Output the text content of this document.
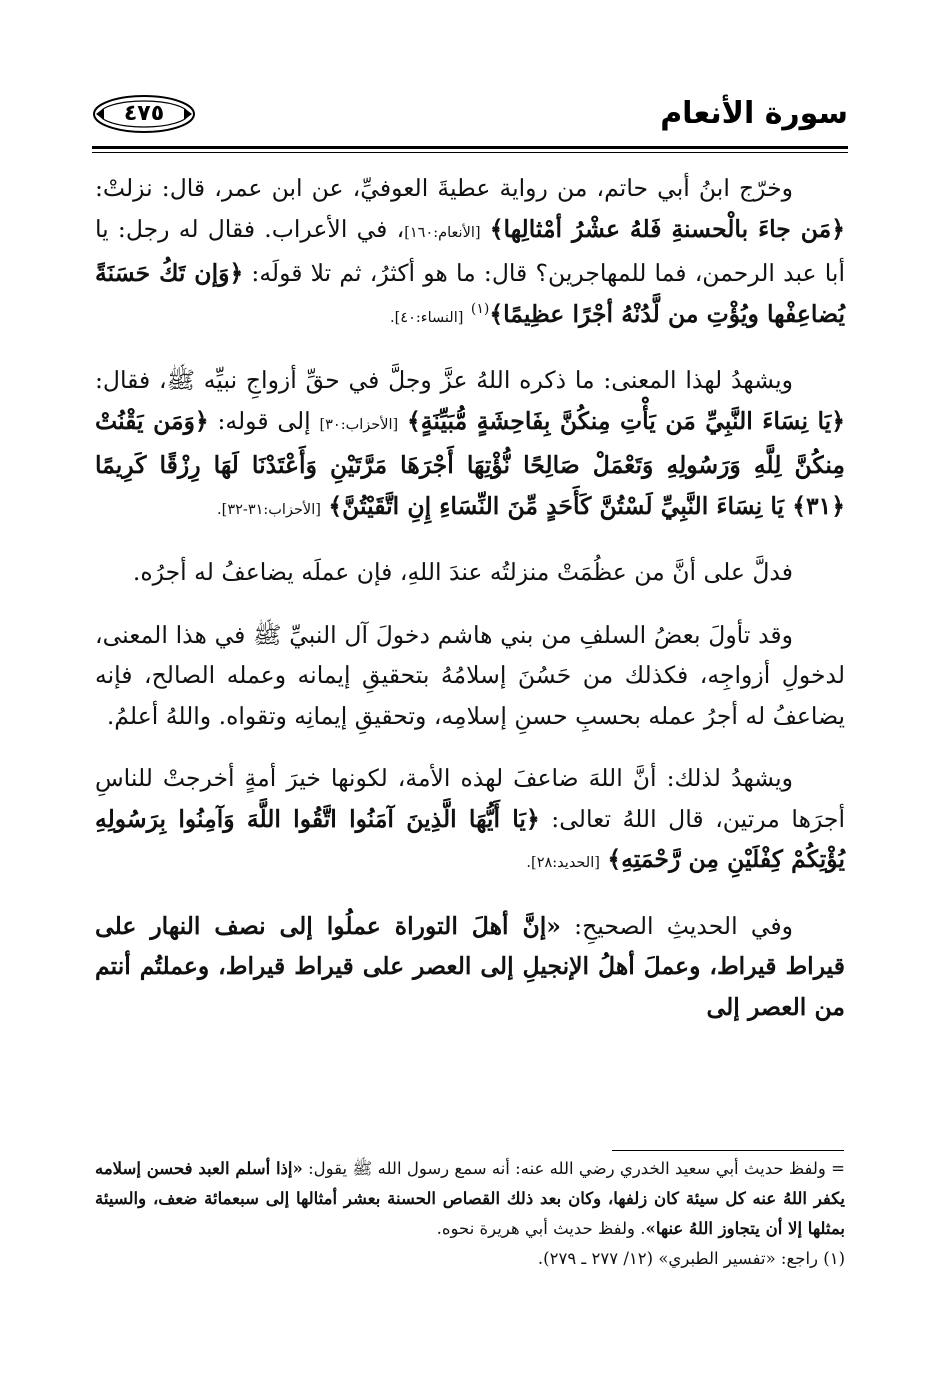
سورة الأنعام
٤٧٥

وخرّج ابنُ أبي حاتم، من رواية عطيةَ العوفيِّ، عن ابن عمر، قال: نزلتْ: ﴿مَن جاءَ بالْحسنةِ فَلهُ عشْرُ أمْثالِها﴾ [الأنعام:١٦٠]، في الأعراب. فقال له رجل: يا أبا عبد الرحمن، فما للمهاجرين؟ قال: ما هو أكثرُ، ثم تلا قولَه: ﴿وَإن تَكُ حَسَنَةً يُضاعِفْها ويُؤْتِ من لَّدُنْهُ أجْرًا عظِيمًا﴾$^{(١)}$ [النساء:٤٠].

ويشهدُ لهذا المعنى: ما ذكره اللهُ عزَّ وجلَّ في حقِّ أزواجِ نبيِّه ﷺ، فقال: ﴿يَا نِسَاءَ النَّبِيِّ مَن يَأْتِ مِنكُنَّ بِفَاحِشَةٍ مُّبَيِّنَةٍ﴾ [الأحزاب:٣٠] إلى قوله: ﴿وَمَن يَقْنُتْ مِنكُنَّ لِلَّهِ وَرَسُولِهِ وَتَعْمَلْ صَالِحًا نُّؤْتِهَا أَجْرَهَا مَرَّتَيْنِ وَأَعْتَدْنَا لَهَا رِزْقًا كَرِيمًا ﴿٣١﴾ يَا نِسَاءَ النَّبِيِّ لَسْتُنَّ كَأَحَدٍ مِّنَ النِّسَاءِ إِنِ اتَّقَيْتُنَّ﴾ [الأحزاب:٣١-٣٢].

فدلَّ على أنَّ من عظُمَتْ منزلتُه عندَ اللهِ، فإن عملَه يضاعفُ له أجرُه.

وقد تأولَ بعضُ السلفِ من بني هاشم دخولَ آل النبيِّ ﷺ في هذا المعنى، لدخولِ أزواجِه، فكذلك من حَسُنَ إسلامُهُ بتحقيقِ إيمانه وعمله الصالح، فإنه يضاعفُ له أجرُ عمله بحسبِ حسنِ إسلامِه، وتحقيقِ إيمانِه وتقواه. واللهُ أعلمُ.

ويشهدُ لذلك: أنَّ اللهَ ضاعفَ لهذه الأمة، لكونها خيرَ أمةٍ أخرجتْ للناسِ أجرَها مرتين، قال اللهُ تعالى: ﴿يَا أَيُّهَا الَّذِينَ آمَنُوا اتَّقُوا اللَّهَ وَآمِنُوا بِرَسُولِهِ يُؤْتِكُمْ كِفْلَيْنِ مِن رَّحْمَتِهِ﴾ [الحديد:٢٨].

وفي الحديثِ الصحيحِ: «إنَّ أهلَ التوراة عملُوا إلى نصف النهار على قيراط قيراط، وعملَ أهلُ الإنجيلِ إلى العصر على قيراط قيراط، وعملتُم أنتم من العصر إلى

= ولفظ حديث أبي سعيد الخدري رضي الله عنه: أنه سمع رسول الله ﷺ يقول: «إذا أسلم العبد فحسن إسلامه يكفر اللهُ عنه كل سيئة كان زلفها، وكان بعد ذلك القصاص الحسنة بعشر أمثالها إلى سبعمائة ضعف، والسيئة بمثلها إلا أن يتجاوز اللهُ عنها». ولفظ حديث أبي هريرة نحوه.

(١) راجع: «تفسير الطبري» (١٢/ ٢٧٧ ـ ٢٧٩).
